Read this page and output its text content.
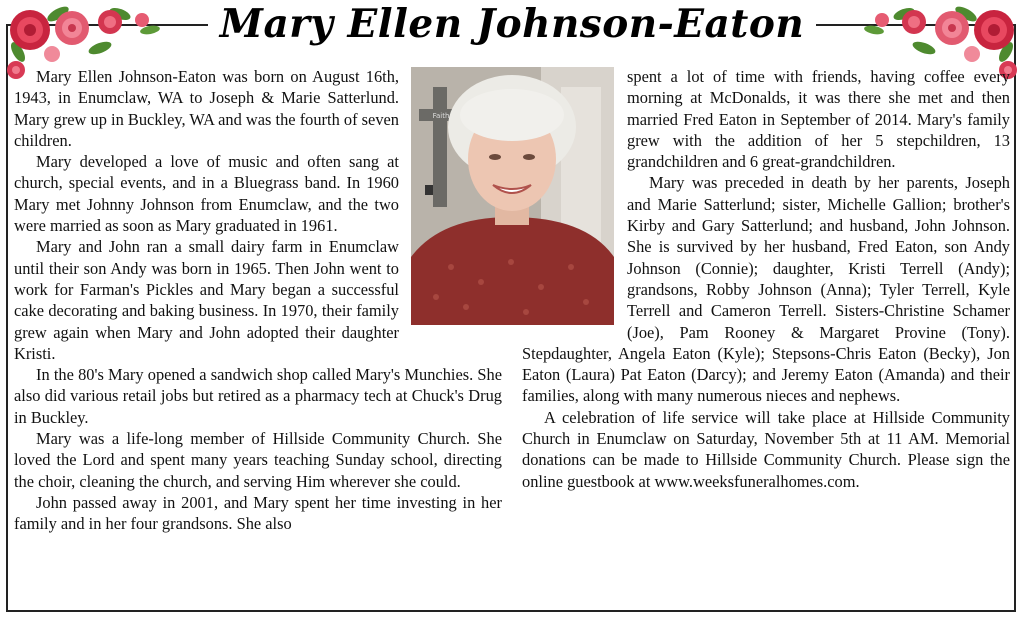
Mary Ellen Johnson-Eaton
Faith

Mary Ellen Johnson-Eaton was born on August 16th, 1943, in Enumclaw, WA to Joseph & Marie Satterlund. Mary grew up in Buckley, WA and was the fourth of seven children.

Mary developed a love of music and often sang at church, special events, and in a Bluegrass band. In 1960 Mary met Johnny Johnson from Enumclaw, and the two were married as soon as Mary graduated in 1961.

Mary and John ran a small dairy farm in Enumclaw until their son Andy was born in 1965. Then John went to work for Farman's Pickles and Mary began a successful cake decorating and baking business. In 1970, their family grew again when Mary and John adopted their daughter Kristi.

In the 80's Mary opened a sandwich shop called Mary's Munchies. She also did various retail jobs but retired as a pharmacy tech at Chuck's Drug in Buckley.

Mary was a life-long member of Hillside Community Church. She loved the Lord and spent many years teaching Sunday school, directing the choir, cleaning the church, and serving Him wherever she could.

John passed away in 2001, and Mary spent her time investing in her family and in her four grandsons. She also

spent a lot of time with friends, having coffee every morning at McDonalds, it was there she met and then married Fred Eaton in September of 2014. Mary's family grew with the addition of her 5 stepchildren, 13 grandchildren and 6 great-grandchildren.

Mary was preceded in death by her parents, Joseph and Marie Satterlund; sister, Michelle Gallion; brother's Kirby and Gary Satterlund; and husband, John Johnson. She is survived by her husband, Fred Eaton, son Andy Johnson (Connie); daughter, Kristi Terrell (Andy); grandsons, Robby Johnson (Anna); Tyler Terrell, Kyle Terrell and Cameron Terrell. Sisters-Christine Schamer (Joe), Pam Rooney & Margaret Provine (Tony). Stepdaughter, Angela Eaton (Kyle); Stepsons-Chris Eaton (Becky), Jon Eaton (Laura) Pat Eaton (Darcy); and Jeremy Eaton (Amanda) and their families, along with many numerous nieces and nephews.

A celebration of life service will take place at Hillside Community Church in Enumclaw on Saturday, November 5th at 11 AM. Memorial donations can be made to Hillside Community Church. Please sign the online guestbook at www.weeksfuneralhomes.com.
